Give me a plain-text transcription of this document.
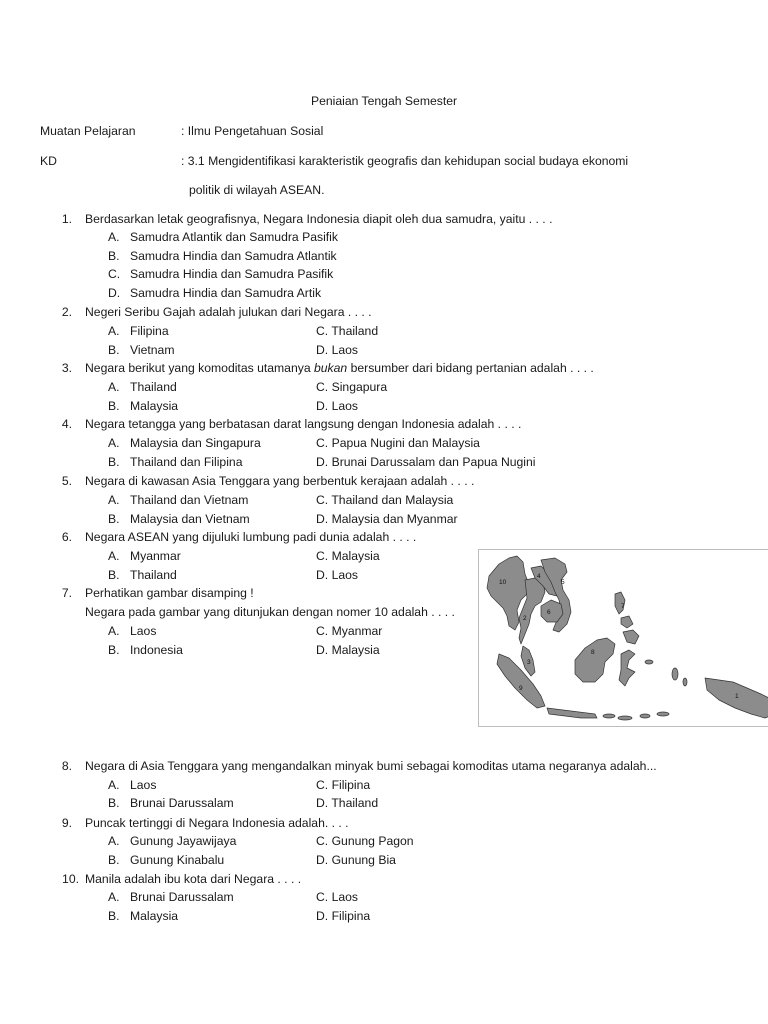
Peniaian Tengah Semester
Muatan Pelajaran	: Ilmu Pengetahuan Sosial
KD	: 3.1 Mengidentifikasi karakteristik geografis dan kehidupan social budaya ekonomi
politik di wilayah ASEAN.
1. Berdasarkan letak geografisnya, Negara Indonesia diapit oleh dua samudra, yaitu . . . .
A. Samudra Atlantik dan Samudra Pasifik
B. Samudra Hindia dan Samudra Atlantik
C. Samudra Hindia dan Samudra Pasifik
D. Samudra Hindia dan Samudra Artik
2. Negeri Seribu Gajah adalah julukan dari Negara . . . .
A. Filipina	C. Thailand
B. Vietnam	D. Laos
3. Negara berikut yang komoditas utamanya bukan bersumber dari bidang pertanian adalah . . . .
A. Thailand	C. Singapura
B. Malaysia	D. Laos
4. Negara tetangga yang berbatasan darat langsung dengan Indonesia adalah . . . .
A. Malaysia dan Singapura	C. Papua Nugini dan Malaysia
B. Thailand dan Filipina	D. Brunai Darussalam dan Papua Nugini
5. Negara di kawasan Asia Tenggara yang berbentuk kerajaan adalah . . . .
A. Thailand dan Vietnam	C. Thailand dan Malaysia
B. Malaysia dan Vietnam	D. Malaysia dan Myanmar
6. Negara ASEAN yang dijuluki lumbung padi dunia adalah . . . .
A. Myanmar	C. Malaysia
B. Thailand	D. Laos
7. Perhatikan gambar disamping !
Negara pada gambar yang ditunjukan dengan nomer 10 adalah . . . .
A. Laos	C. Myanmar
B. Indonesia	D. Malaysia
10
2
3
4
5
6
7
8
9
1
8. Negara di Asia Tenggara yang mengandalkan minyak bumi sebagai komoditas utama negaranya adalah...
A. Laos	C. Filipina
B. Brunai Darussalam	D. Thailand
9. Puncak tertinggi di Negara Indonesia adalah. . . .
A. Gunung Jayawijaya	C. Gunung Pagon
B. Gunung Kinabalu	D. Gunung Bia
10. Manila adalah ibu kota dari Negara . . . .
A. Brunai Darussalam	C. Laos
B. Malaysia	D. Filipina
